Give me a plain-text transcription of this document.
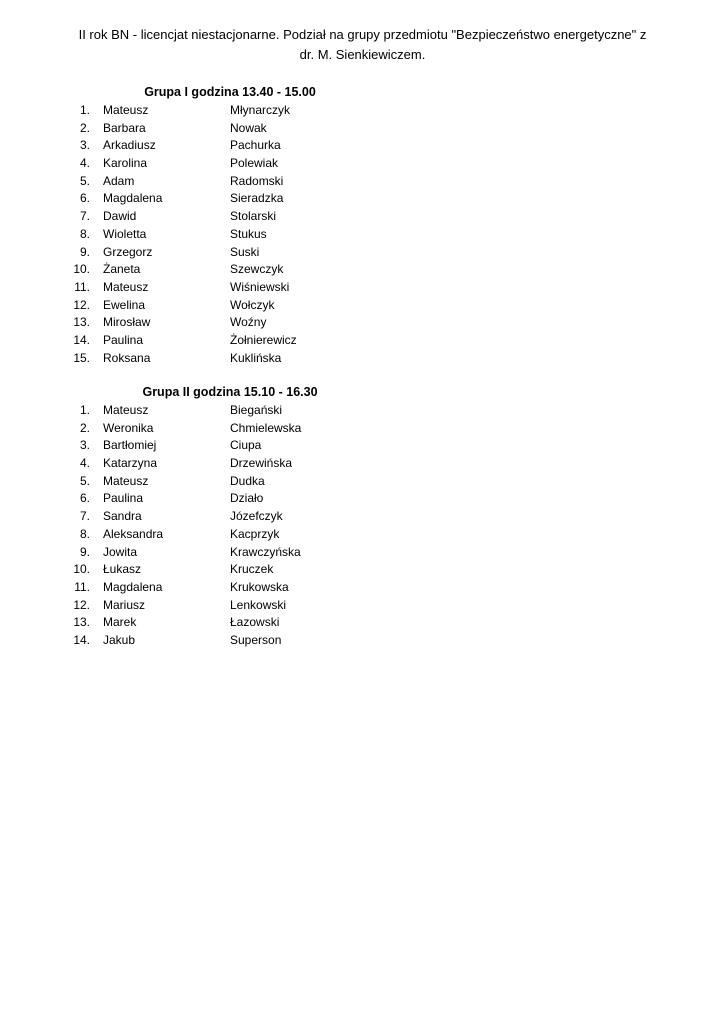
II rok BN - licencjat niestacjonarne. Podział na grupy przedmiotu "Bezpieczeństwo energetyczne" z
dr. M. Sienkiewiczem.
Grupa I godzina 13.40 - 15.00
1. Mateusz	Młynarczyk
2. Barbara	Nowak
3. Arkadiusz	Pachurka
4. Karolina	Polewiak
5. Adam	Radomski
6. Magdalena	Sieradzka
7. Dawid	Stolarski
8. Wioletta	Stukus
9. Grzegorz	Suski
10. Żaneta	Szewczyk
11. Mateusz	Wiśniewski
12. Ewelina	Wołczyk
13. Mirosław	Woźny
14. Paulina	Żołnierewicz
15. Roksana	Kuklińska
Grupa II godzina 15.10 - 16.30
1. Mateusz	Biegański
2. Weronika	Chmielewska
3. Bartłomiej	Ciupa
4. Katarzyna	Drzewińska
5. Mateusz	Dudka
6. Paulina	Działo
7. Sandra	Józefczyk
8. Aleksandra	Kacprzyk
9. Jowita	Krawczyńska
10. Łukasz	Kruczek
11. Magdalena	Krukowska
12. Mariusz	Lenkowski
13. Marek	Łazowski
14. Jakub	Superson
